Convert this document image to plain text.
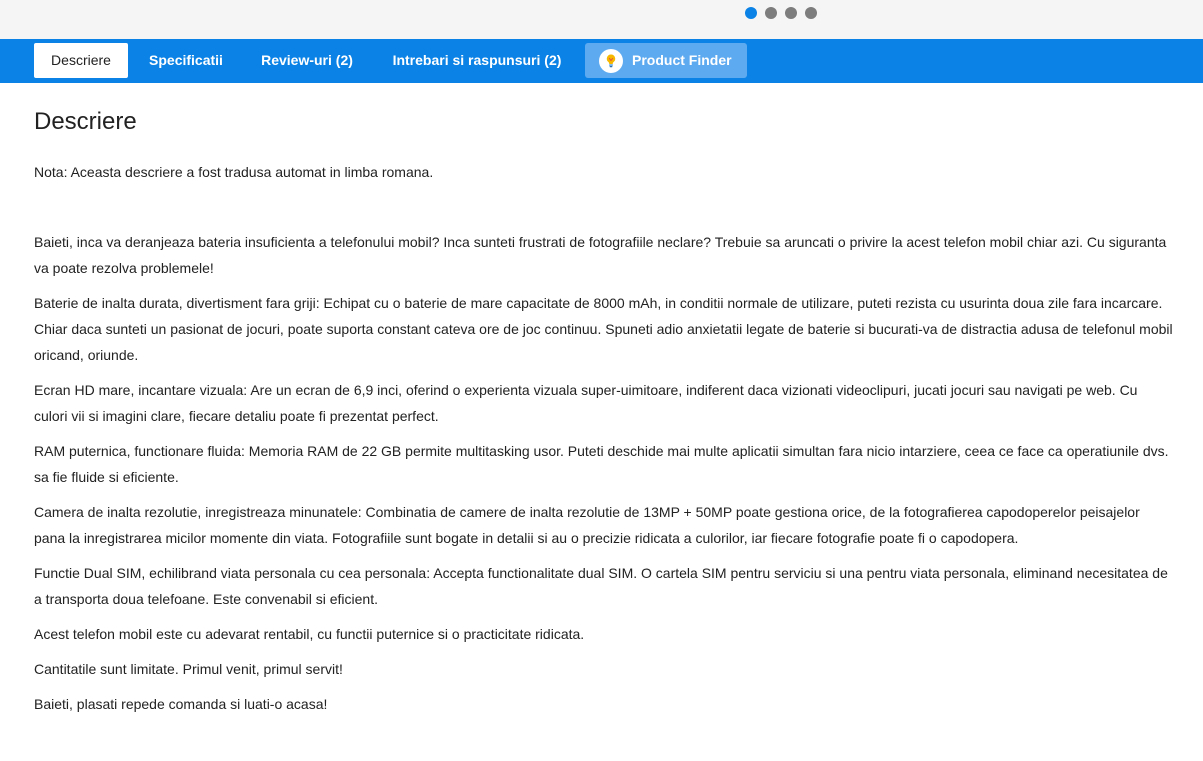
Descriere	Specificatii	Review-uri (2)	Intrebari si raspunsuri (2)	Product Finder
Descriere

Nota: Aceasta descriere a fost tradusa automat in limba romana.

Baieti, inca va deranjeaza bateria insuficienta a telefonului mobil? Inca sunteti frustrati de fotografiile neclare? Trebuie sa aruncati o privire la acest telefon mobil chiar azi. Cu siguranta va poate rezolva problemele!

Baterie de inalta durata, divertisment fara griji: Echipat cu o baterie de mare capacitate de 8000 mAh, in conditii normale de utilizare, puteti rezista cu usurinta doua zile fara incarcare. Chiar daca sunteti un pasionat de jocuri, poate suporta constant cateva ore de joc continuu. Spuneti adio anxietatii legate de baterie si bucurati-va de distractia adusa de telefonul mobil oricand, oriunde.

Ecran HD mare, incantare vizuala: Are un ecran de 6,9 inci, oferind o experienta vizuala super-uimitoare, indiferent daca vizionati videoclipuri, jucati jocuri sau navigati pe web. Cu culori vii si imagini clare, fiecare detaliu poate fi prezentat perfect.

RAM puternica, functionare fluida: Memoria RAM de 22 GB permite multitasking usor. Puteti deschide mai multe aplicatii simultan fara nicio intarziere, ceea ce face ca operatiunile dvs. sa fie fluide si eficiente.

Camera de inalta rezolutie, inregistreaza minunatele: Combinatia de camere de inalta rezolutie de 13MP + 50MP poate gestiona orice, de la fotografierea capodoperelor peisajelor pana la inregistrarea micilor momente din viata. Fotografiile sunt bogate in detalii si au o precizie ridicata a culorilor, iar fiecare fotografie poate fi o capodopera.

Functie Dual SIM, echilibrand viata personala cu cea personala: Accepta functionalitate dual SIM. O cartela SIM pentru serviciu si una pentru viata personala, eliminand necesitatea de a transporta doua telefoane. Este convenabil si eficient.

Acest telefon mobil este cu adevarat rentabil, cu functii puternice si o practicitate ridicata.

Cantitatile sunt limitate. Primul venit, primul servit!

Baieti, plasati repede comanda si luati-o acasa!
